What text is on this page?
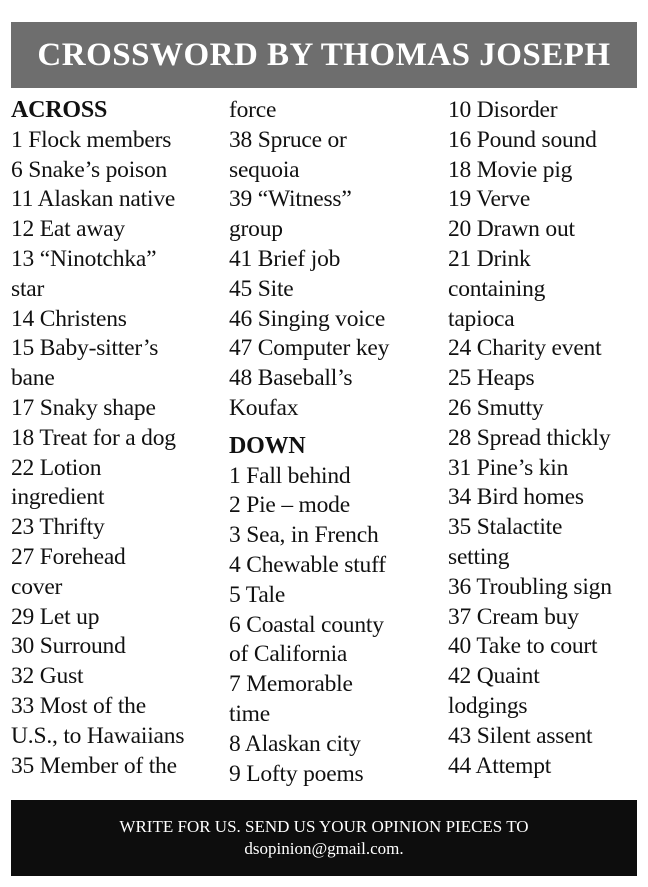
CROSSWORD BY THOMAS JOSEPH
ACROSS
1 Flock members
6 Snake’s poison
11 Alaskan native
12 Eat away
13 “Ninotchka”
star
14 Christens
15 Baby-sitter’s
bane
17 Snaky shape
18 Treat for a dog
22 Lotion
ingredient
23 Thrifty
27 Forehead
cover
29 Let up
30 Surround
32 Gust
33 Most of the
U.S., to Hawaiians
35 Member of the
force
38 Spruce or
sequoia
39 “Witness”
group
41 Brief job
45 Site
46 Singing voice
47 Computer key
48 Baseball’s
Koufax
DOWN
1 Fall behind
2 Pie – mode
3 Sea, in French
4 Chewable stuff
5 Tale
6 Coastal county
of California
7 Memorable
time
8 Alaskan city
9 Lofty poems
10 Disorder
16 Pound sound
18 Movie pig
19 Verve
20 Drawn out
21 Drink
containing
tapioca
24 Charity event
25 Heaps
26 Smutty
28 Spread thickly
31 Pine’s kin
34 Bird homes
35 Stalactite
setting
36 Troubling sign
37 Cream buy
40 Take to court
42 Quaint
lodgings
43 Silent assent
44 Attempt
WRITE FOR US. SEND US YOUR OPINION PIECES TO
dsopinion@gmail.com.
